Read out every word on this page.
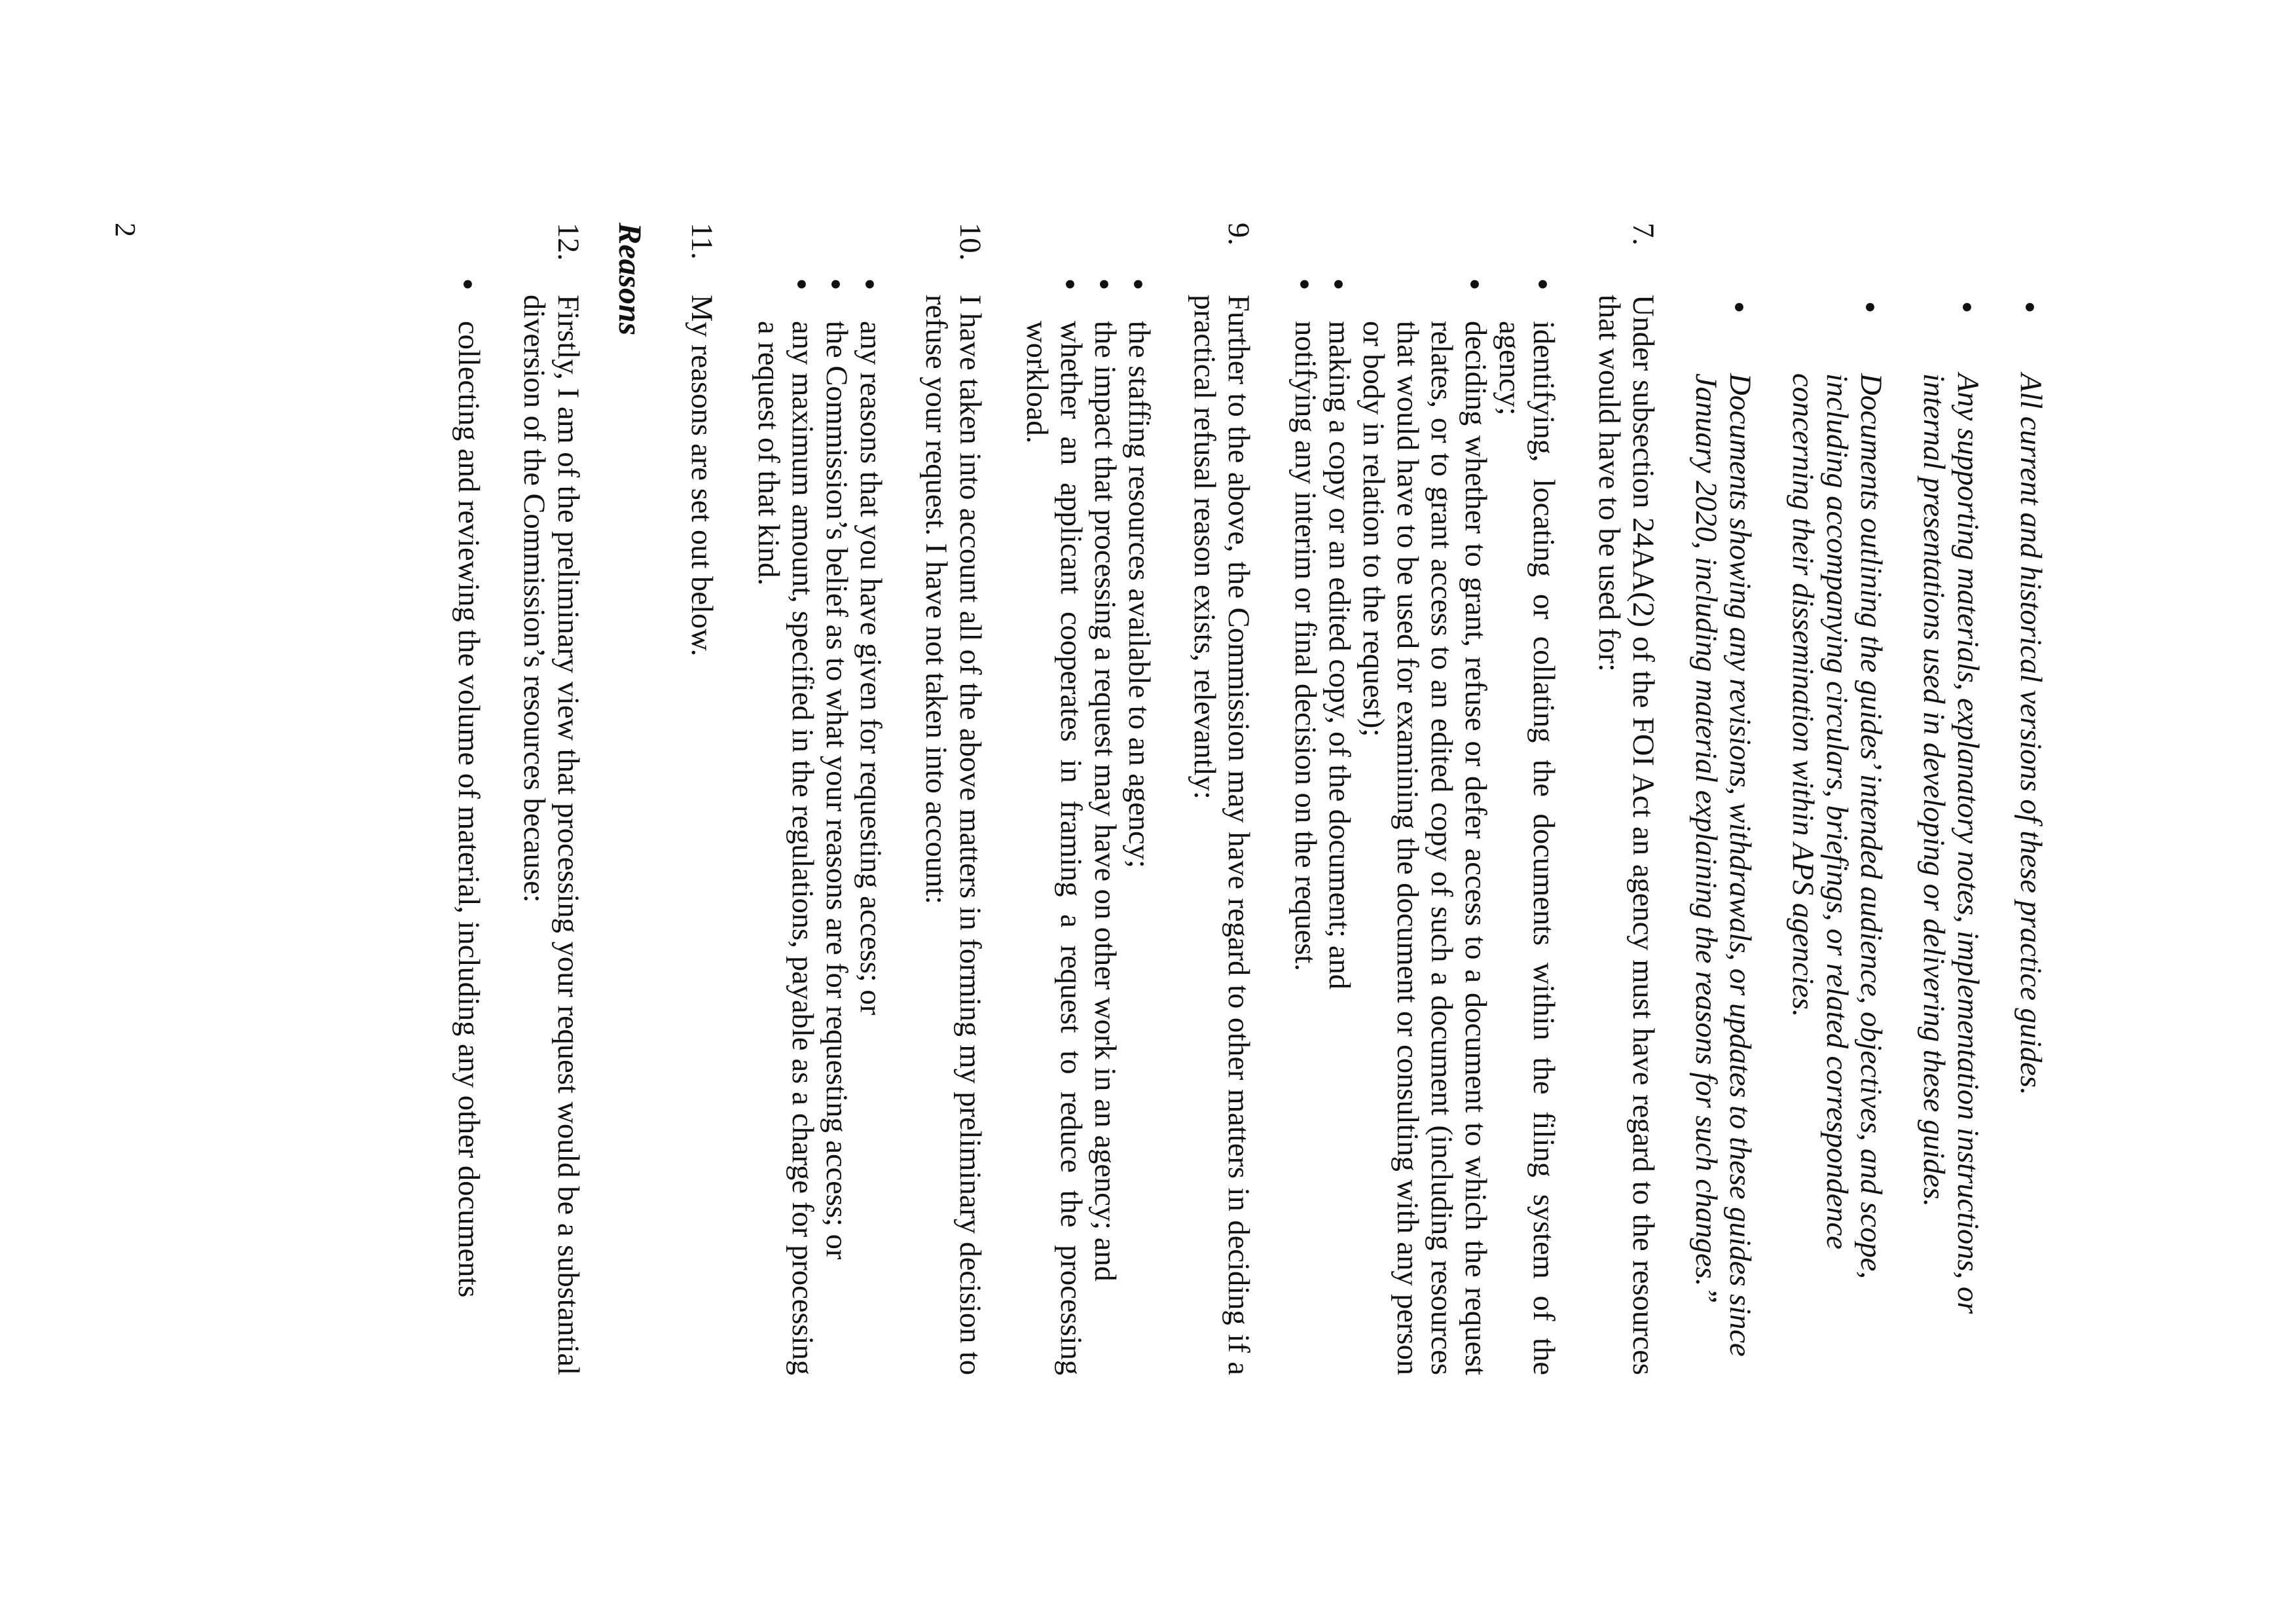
● All current and historical versions of these practice guides.
● Any supporting materials, explanatory notes, implementation instructions, or internal presentations used in developing or delivering these guides.
● Documents outlining the guides’ intended audience, objectives, and scope, including accompanying circulars, briefings, or related correspondence concerning their dissemination within APS agencies.
● Documents showing any revisions, withdrawals, or updates to these guides since January 2020, including material explaining the reasons for such changes.”
7.
Under subsection 24AA(2) of the FOI Act an agency must have regard to the resources that would have to be used for:
● identifying, locating or collating the documents within the filing system of the agency;
● deciding whether to grant, refuse or defer access to a document to which the request relates, or to grant access to an edited copy of such a document (including resources that would have to be used for examining the document or consulting with any person or body in relation to the request);
● making a copy or an edited copy, of the document; and
● notifying any interim or final decision on the request.
9.
Further to the above, the Commission may have regard to other matters in deciding if a practical refusal reason exists, relevantly:
● the staffing resources available to an agency;
● the impact that processing a request may have on other work in an agency; and
● whether an applicant cooperates in framing a request to reduce the processing workload.
10.
I have taken into account all of the above matters in forming my preliminary decision to refuse your request. I have not taken into account:
● any reasons that you have given for requesting access; or
● the Commission’s belief as to what your reasons are for requesting access; or
● any maximum amount, specified in the regulations, payable as a charge for processing a request of that kind.
11.
My reasons are set out below.
Reasons
12.
Firstly, I am of the preliminary view that processing your request would be a substantial diversion of the Commission’s resources because:
● collecting and reviewing the volume of material, including any other documents
2
